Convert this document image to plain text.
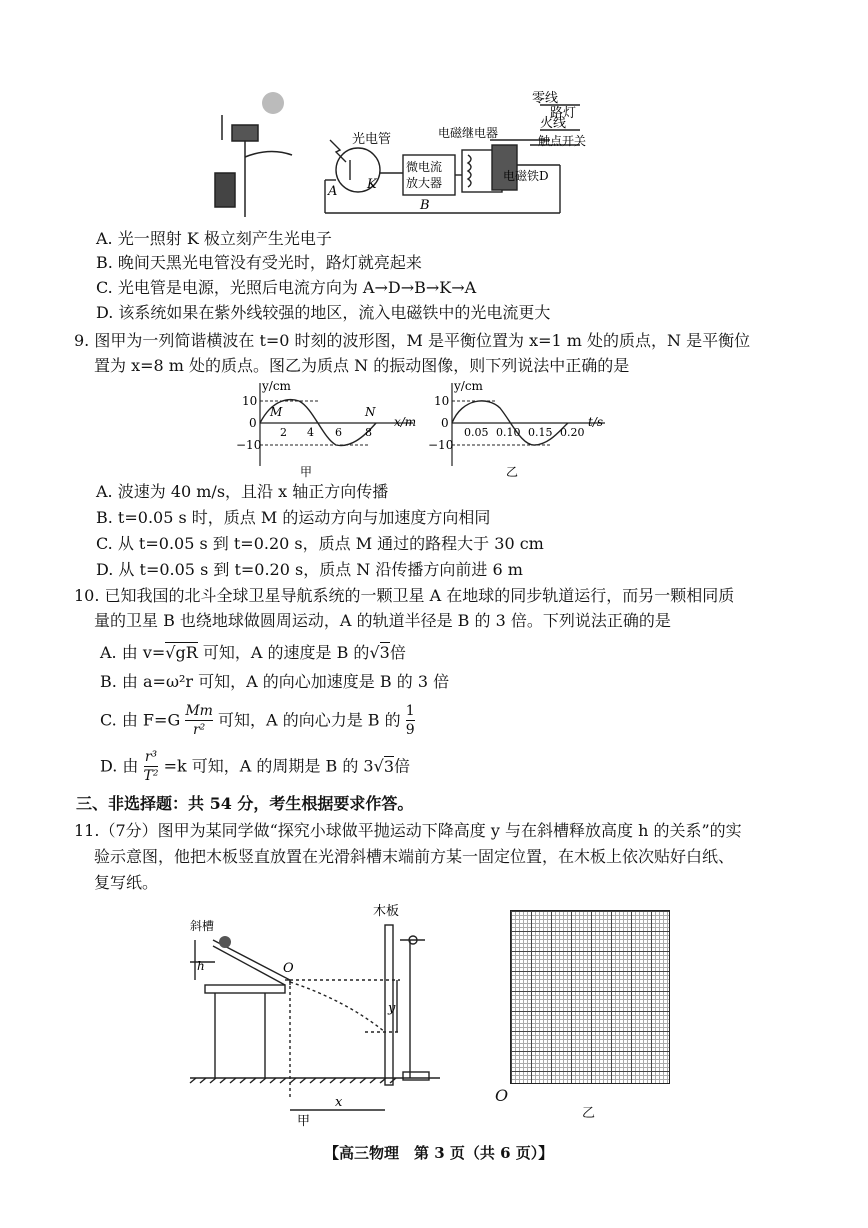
零线
火线
路灯
触点开关
电磁继电器
光电管
微电流
放大器	电磁铁D
A K
B
A. 光一照射 K 极立刻产生光电子
B. 晚间天黑光电管没有受光时，路灯就亮起来
C. 光电管是电源，光照后电流方向为 A→D→B→K→A
D. 该系统如果在紫外线较强的地区，流入电磁铁中的光电流更大
9. 图甲为一列简谐横波在 t=0 时刻的波形图，M 是平衡位置为 x=1 m 处的质点，N 是平衡位
置为 x=8 m 处的质点。图乙为质点 N 的振动图像，则下列说法中正确的是
y/cm
x/m
10
0
−10
2 4 6 8
M	N
甲
y/cm
t/s
10
0
−10
0.05 0.10 0.15 0.20
乙
A. 波速为 40 m/s，且沿 x 轴正方向传播
B. t=0.05 s 时，质点 M 的运动方向与加速度方向相同
C. 从 t=0.05 s 到 t=0.20 s，质点 M 通过的路程大于 30 cm
D. 从 t=0.05 s 到 t=0.20 s，质点 N 沿传播方向前进 6 m
10. 已知我国的北斗全球卫星导航系统的一颗卫星 A 在地球的同步轨道运行，而另一颗相同质
量的卫星 B 也绕地球做圆周运动，A 的轨道半径是 B 的 3 倍。下列说法正确的是
A. 由 v=√gR 可知，A 的速度是 B 的√3倍
B. 由 a=ω²r 可知，A 的向心加速度是 B 的 3 倍
C. 由 $F=G \frac{Mm}{\text{r²}}$ 可知，A 的向心力是 B 的 $\frac{1}{9}$
D. 由 $\frac{\text{r³}}{\text{T²}} =k$ 可知，A 的周期是 B 的 3√3倍
三、非选择题：共 54 分，考生根据要求作答。
11.（7分）图甲为某同学做“探究小球做平抛运动下降高度 y 与在斜槽释放高度 h 的关系”的实
验示意图，他把木板竖直放置在光滑斜槽末端前方某一固定位置，在木板上依次贴好白纸、
复写纸。
斜槽
木板
h	O
y
x
甲
O
乙
【高三物理　第 3 页（共 6 页）】
